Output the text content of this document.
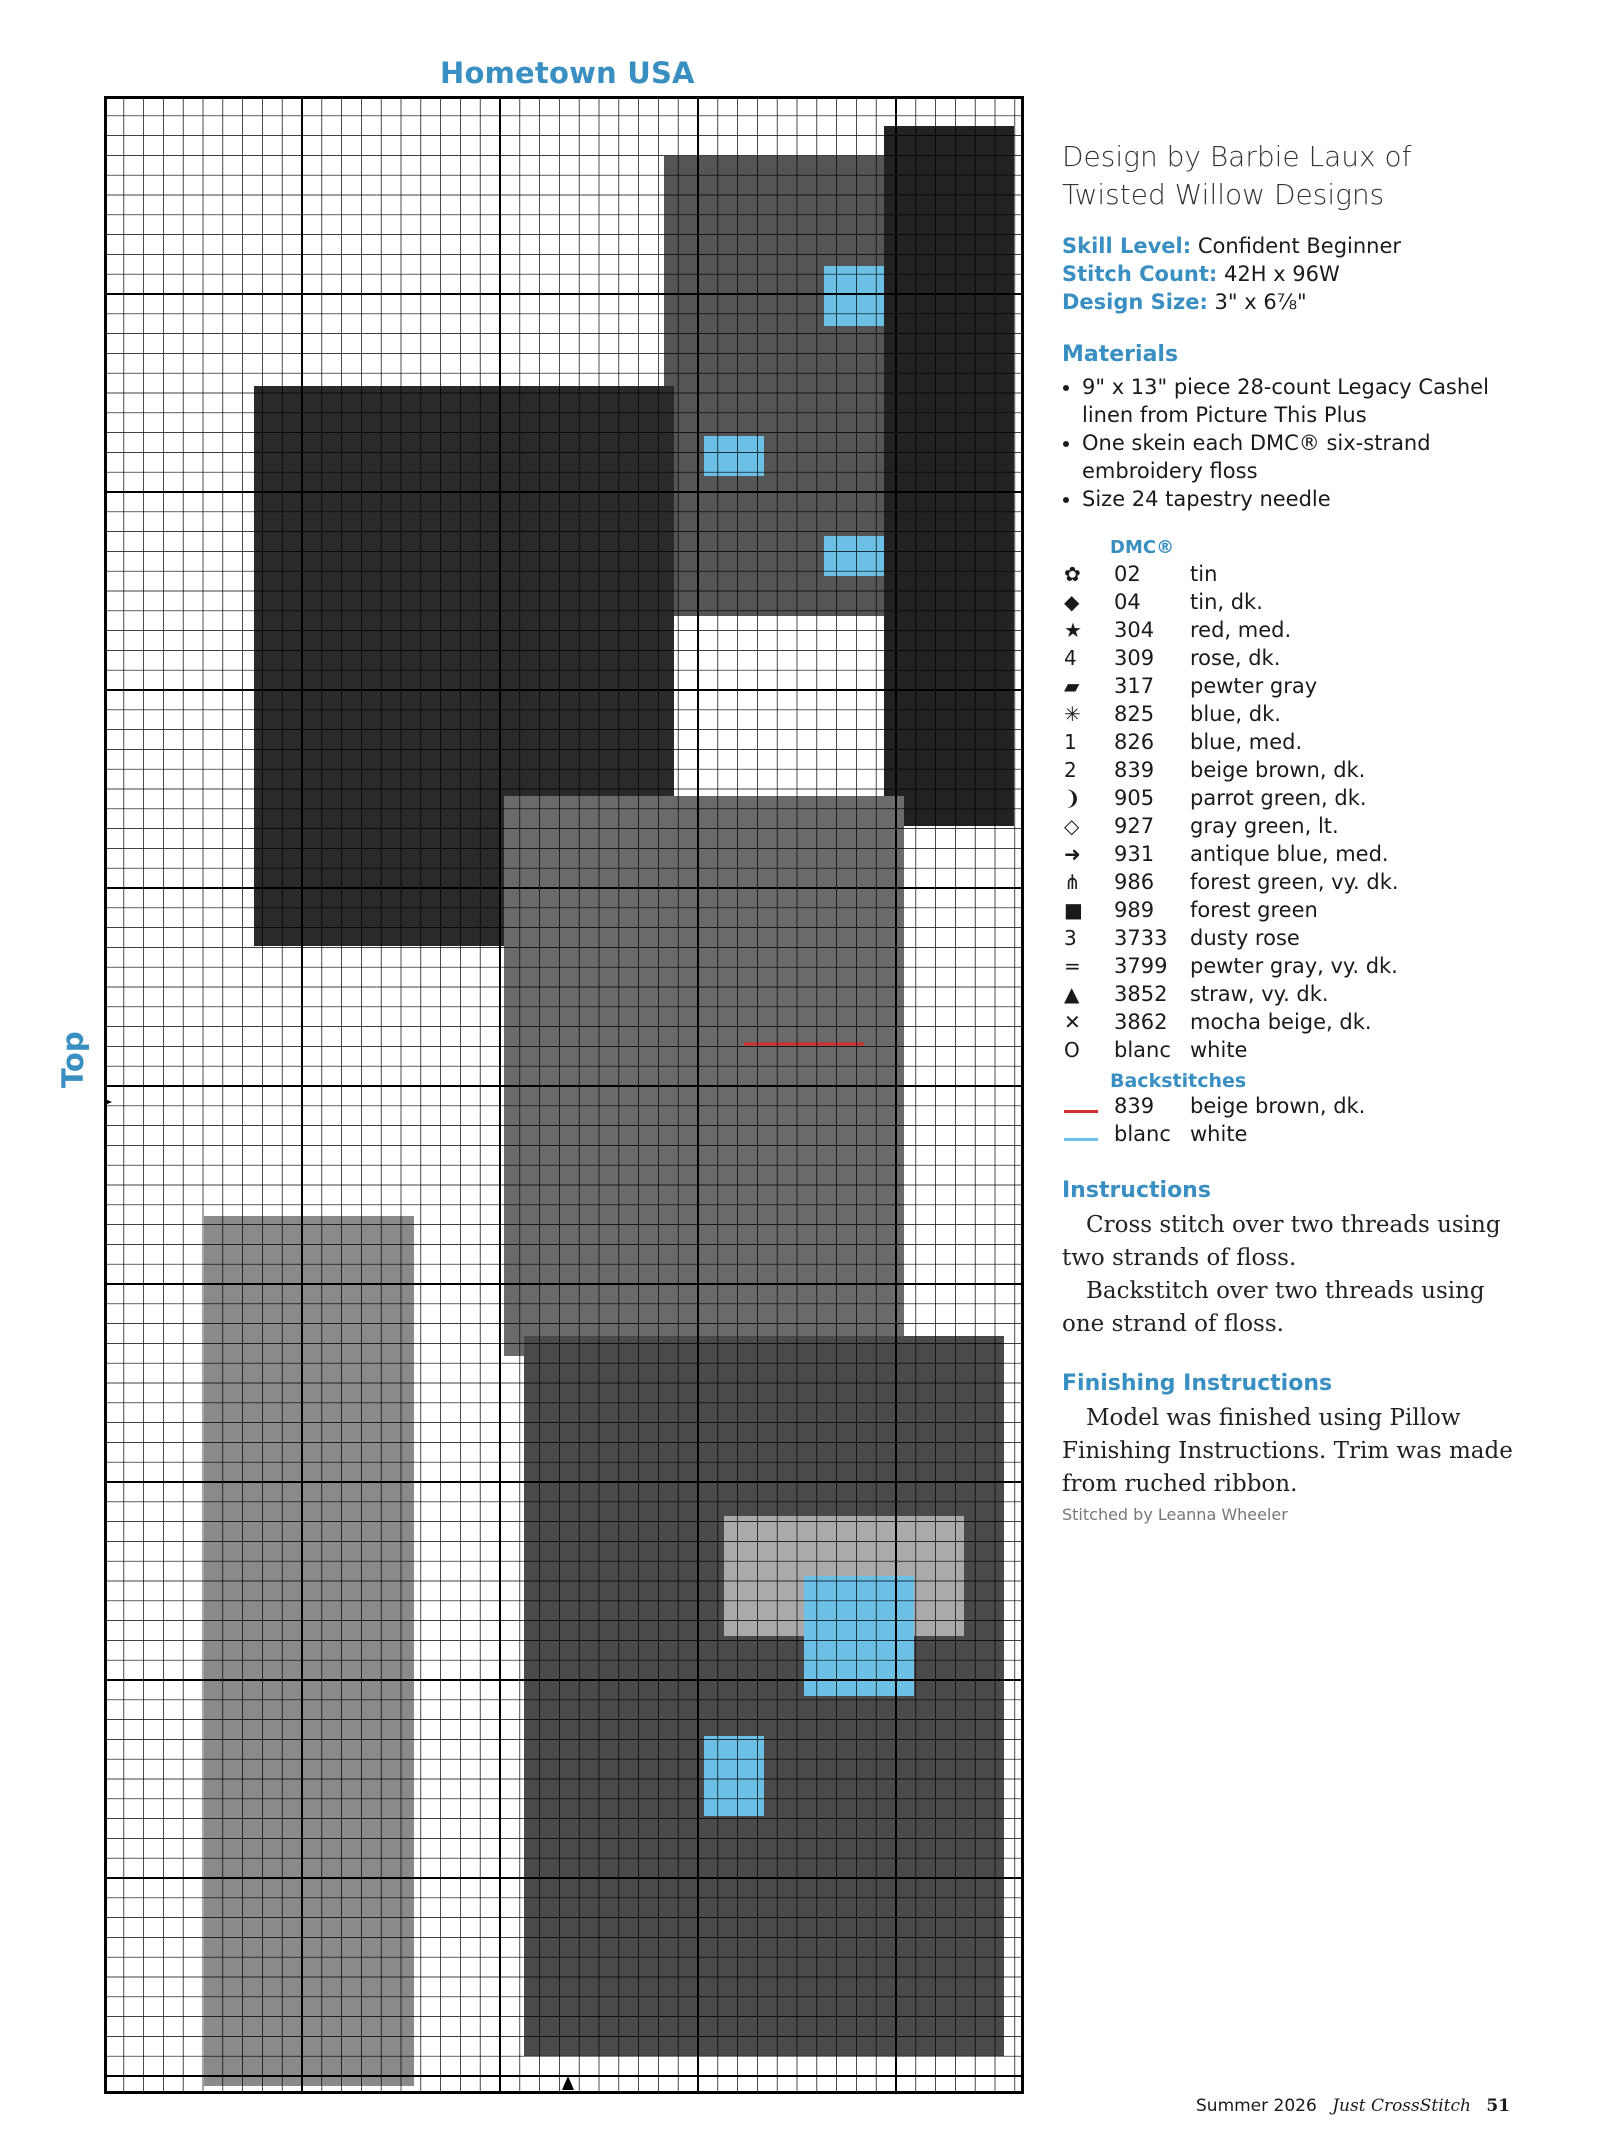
Hometown USA
Top
Design by Barbie Laux of
Twisted Willow Designs
Skill Level: Confident Beginner
Stitch Count: 42H x 96W
Design Size: 3" x 6⅞"
Materials
• 9" x 13" piece 28-count Legacy Cashel linen from Picture This Plus
• One skein each DMC® six-strand embroidery floss
• Size 24 tapestry needle
DMC®
✿	02	tin
◆	04	tin, dk.
★	304	red, med.
4	309	rose, dk.
▰	317	pewter gray
✳	825	blue, dk.
1	826	blue, med.
2	839	beige brown, dk.
❩	905	parrot green, dk.
◇	927	gray green, lt.
➜	931	antique blue, med.
⋔	986	forest green, vy. dk.
■	989	forest green
3	3733	dusty rose
=	3799	pewter gray, vy. dk.
▲	3852	straw, vy. dk.
✕	3862	mocha beige, dk.
O	blanc white
Backstitches
839	beige brown, dk.
blanc white
Instructions

Cross stitch over two threads using two strands of floss.

Backstitch over two threads using one strand of floss.

Finishing Instructions

Model was finished using Pillow Finishing Instructions. Trim was made from ruched ribbon.

Stitched by Leanna Wheeler
Summer 2026 Just CrossStitch 51
